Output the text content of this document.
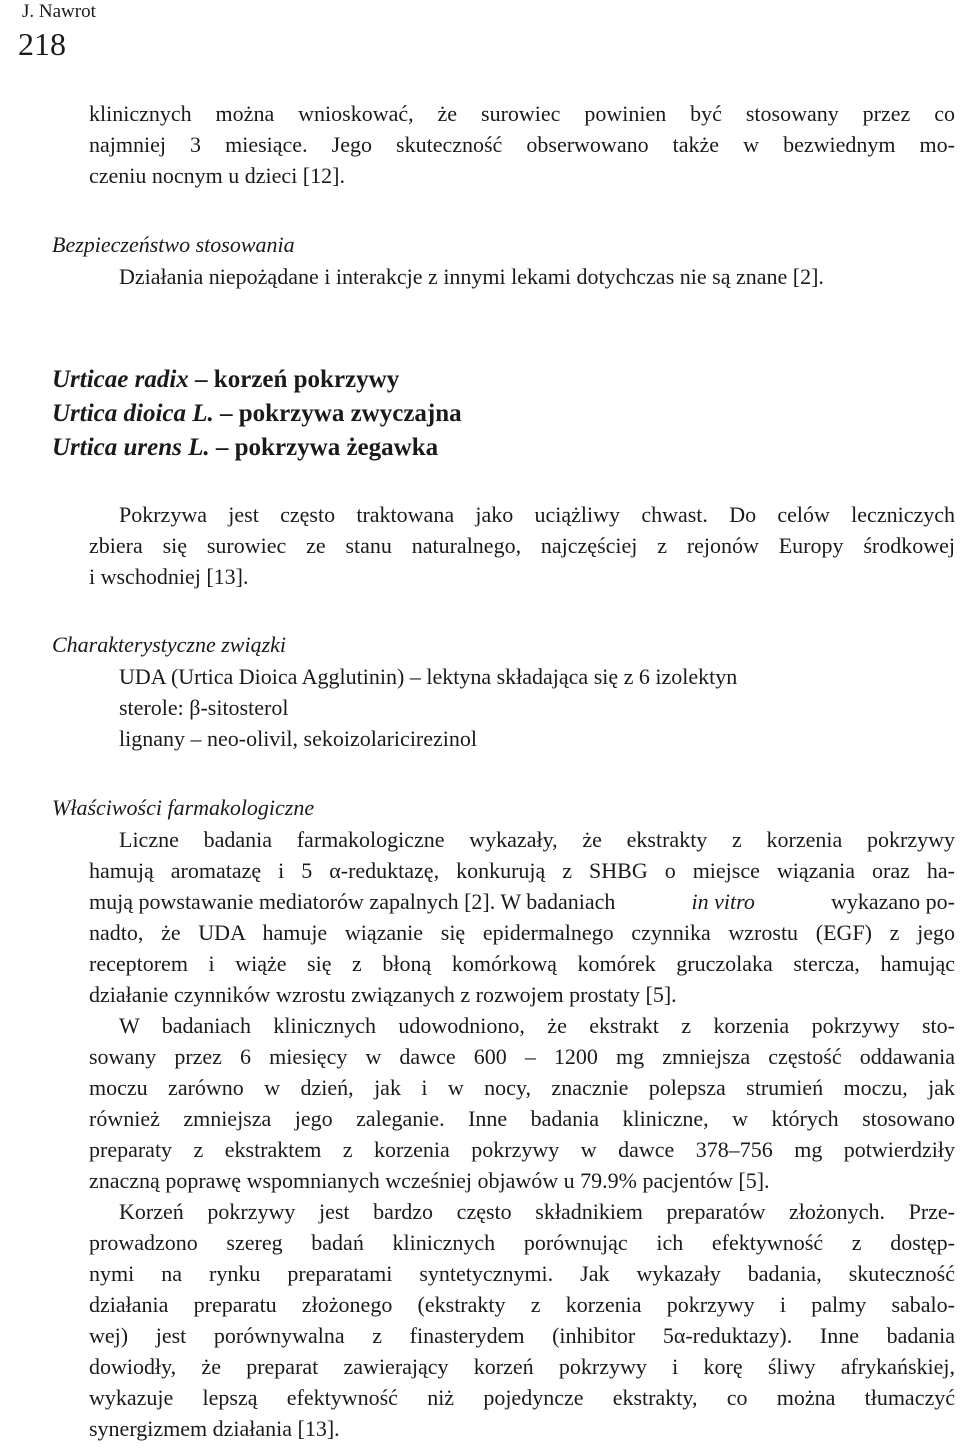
J. Nawrot
218
klinicznych można wnioskować, że surowiec powinien być stosowany przez co
najmniej 3 miesiące. Jego skuteczność obserwowano także w bezwiednym mo-
czeniu nocnym u dzieci [12].
Bezpieczeństwo stosowania
Działania niepożądane i interakcje z innymi lekami dotychczas nie są znane [2].
Urticae radix – korzeń pokrzywy
Urtica dioica L. – pokrzywa zwyczajna
Urtica urens L. – pokrzywa żegawka
Pokrzywa jest często traktowana jako uciążliwy chwast. Do celów leczniczych
zbiera się surowiec ze stanu naturalnego, najczęściej z rejonów Europy środkowej
i wschodniej [13].
Charakterystyczne związki
UDA (Urtica Dioica Agglutinin) – lektyna składająca się z 6 izolektyn
sterole: β-sitosterol
lignany – neo-olivil, sekoizolaricirezinol
Właściwości farmakologiczne
Liczne badania farmakologiczne wykazały, że ekstrakty z korzenia pokrzywy
hamują aromatazę i 5 α-reduktazę, konkurują z SHBG o miejsce wiązania oraz ha-
mują powstawanie mediatorów zapalnych [2]. W badaniach	in vitro	wykazano po-
nadto, że UDA hamuje wiązanie się epidermalnego czynnika wzrostu (EGF) z jego
receptorem i wiąże się z błoną komórkową komórek gruczolaka stercza, hamując
działanie czynników wzrostu związanych z rozwojem prostaty [5].
W badaniach klinicznych udowodniono, że ekstrakt z korzenia pokrzywy sto-
sowany przez 6 miesięcy w dawce 600 – 1200 mg zmniejsza częstość oddawania
moczu zarówno w dzień, jak i w nocy, znacznie polepsza strumień moczu, jak
również zmniejsza jego zaleganie. Inne badania kliniczne, w których stosowano
preparaty z ekstraktem z korzenia pokrzywy w dawce 378–756 mg potwierdziły
znaczną poprawę wspomnianych wcześniej objawów u 79.9% pacjentów [5].
Korzeń pokrzywy jest bardzo często składnikiem preparatów złożonych. Prze-
prowadzono szereg badań klinicznych porównując ich efektywność z dostęp-
nymi na rynku preparatami syntetycznymi. Jak wykazały badania, skuteczność
działania preparatu złożonego (ekstrakty z korzenia pokrzywy i palmy sabalo-
wej) jest porównywalna z finasterydem (inhibitor 5α-reduktazy). Inne badania
dowiodły, że preparat zawierający korzeń pokrzywy i korę śliwy afrykańskiej,
wykazuje lepszą efektywność niż pojedyncze ekstrakty, co można tłumaczyć
synergizmem działania [13].
